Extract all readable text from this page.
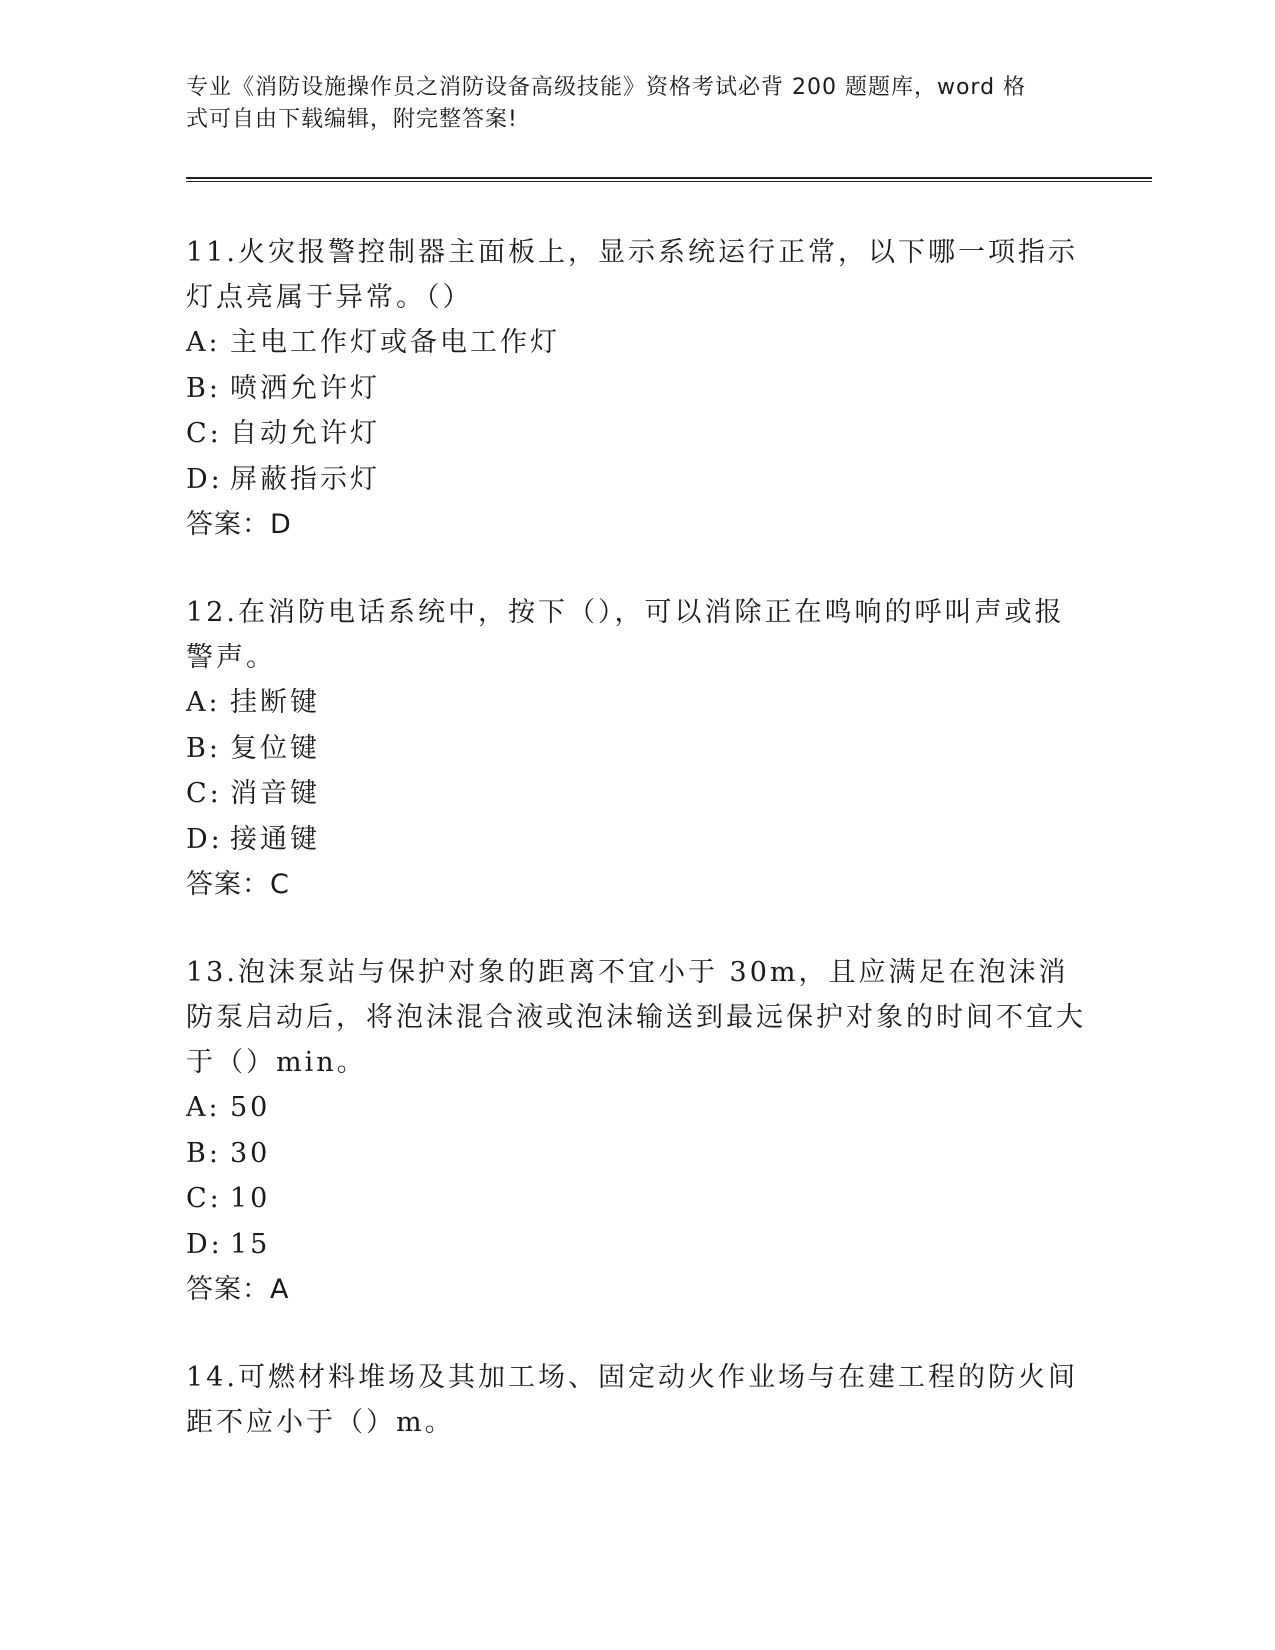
专业《消防设施操作员之消防设备高级技能》资格考试必背 200 题题库，word 格
式可自由下载编辑，附完整答案!

11.火灾报警控制器主面板上，显示系统运行正常，以下哪一项指示灯点亮属于异常。（）

A: 主电工作灯或备电工作灯

B: 喷洒允许灯

C: 自动允许灯

D: 屏蔽指示灯

答案：D

12.在消防电话系统中，按下（），可以消除正在鸣响的呼叫声或报警声。

A: 挂断键

B: 复位键

C: 消音键

D: 接通键

答案：C

13.泡沫泵站与保护对象的距离不宜小于 30m，且应满足在泡沫消防泵启动后，将泡沫混合液或泡沫输送到最远保护对象的时间不宜大于（）min。

A: 50

B: 30

C: 10

D: 15

答案：A

14.可燃材料堆场及其加工场、固定动火作业场与在建工程的防火间距不应小于（）m。
